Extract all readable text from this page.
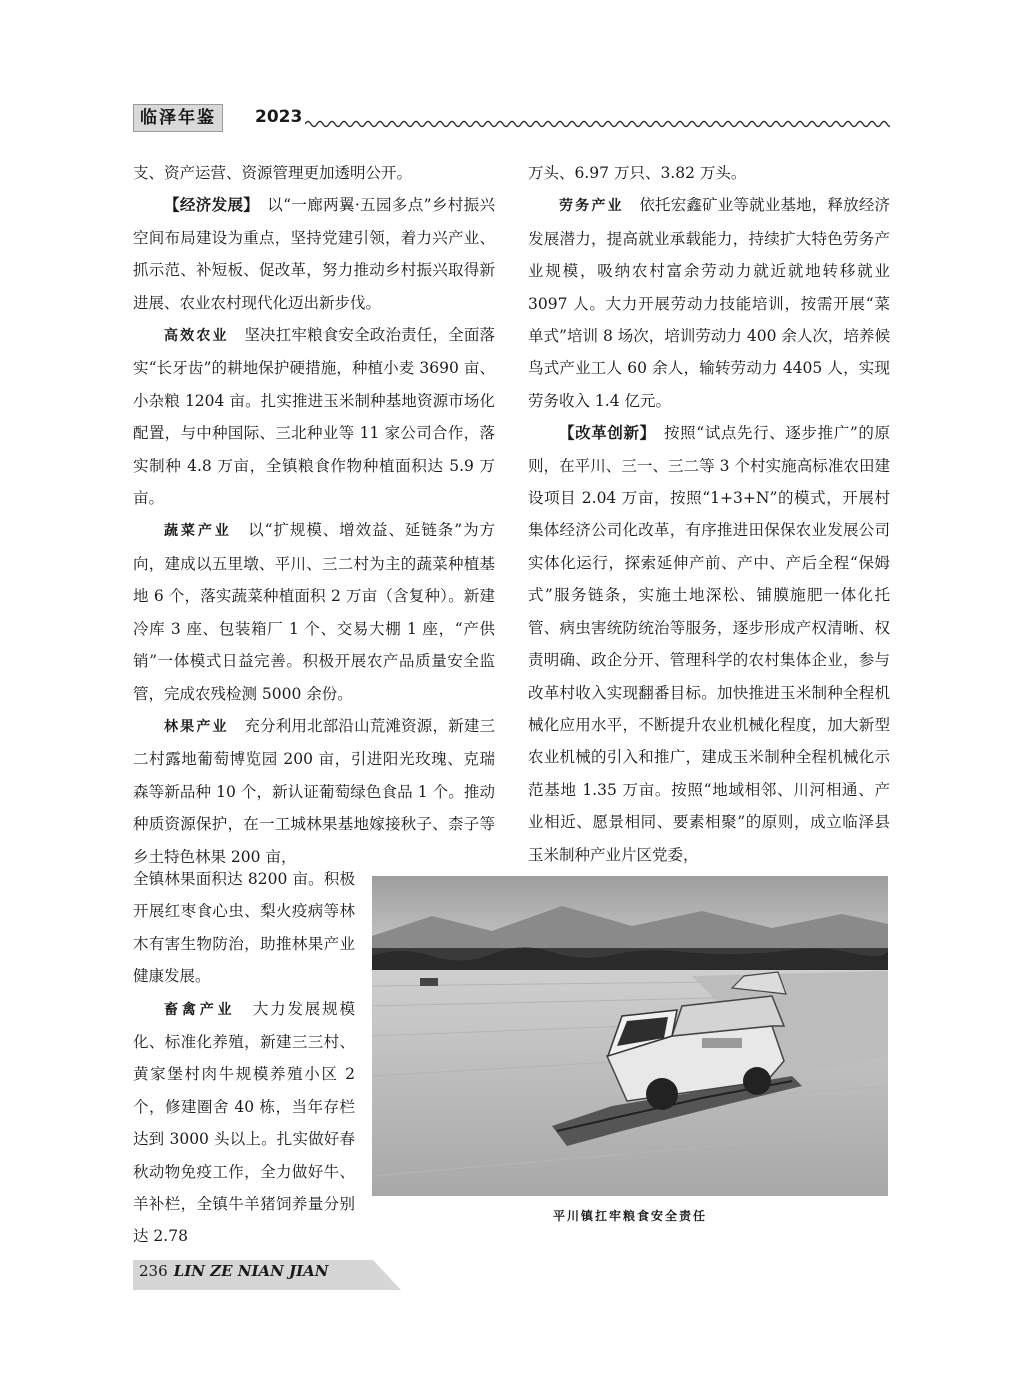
临泽年鉴	2023

支、资产运营、资源管理更加透明公开。

【经济发展】  以“一廊两翼·五园多点”乡村振兴空间布局建设为重点，坚持党建引领，着力兴产业、抓示范、补短板、促改革，努力推动乡村振兴取得新进展、农业农村现代化迈出新步伐。

高效农业   坚决扛牢粮食安全政治责任，全面落实“长牙齿”的耕地保护硬措施，种植小麦 3690 亩、小杂粮 1204 亩。扎实推进玉米制种基地资源市场化配置，与中种国际、三北种业等 11 家公司合作，落实制种 4.8 万亩，全镇粮食作物种植面积达 5.9 万亩。

蔬菜产业   以“扩规模、增效益、延链条”为方向，建成以五里墩、平川、三二村为主的蔬菜种植基地 6 个，落实蔬菜种植面积 2 万亩（含复种）。新建冷库 3 座、包装箱厂 1 个、交易大棚 1 座，“产供销”一体模式日益完善。积极开展农产品质量安全监管，完成农残检测 5000 余份。

林果产业   充分利用北部沿山荒滩资源，新建三二村露地葡萄博览园 200 亩，引进阳光玫瑰、克瑞森等新品种 10 个，新认证葡萄绿色食品 1 个。推动种质资源保护，在一工城林果基地嫁接秋子、柰子等乡土特色林果 200 亩，

全镇林果面积达 8200 亩。积极开展红枣食心虫、梨火疫病等林木有害生物防治，助推林果产业健康发展。

畜禽产业   大力发展规模化、标准化养殖，新建三三村、黄家堡村肉牛规模养殖小区 2 个，修建圈舍 40 栋，当年存栏达到 3000 头以上。扎实做好春秋动物免疫工作，全力做好牛、羊补栏，全镇牛羊猪饲养量分别达 2.78

万头、6.97 万只、3.82 万头。

劳务产业   依托宏鑫矿业等就业基地，释放经济发展潜力，提高就业承载能力，持续扩大特色劳务产业规模，吸纳农村富余劳动力就近就地转移就业 3097 人。大力开展劳动力技能培训，按需开展“菜单式”培训 8 场次，培训劳动力 400 余人次，培养候鸟式产业工人 60 余人，输转劳动力 4405 人，实现劳务收入 1.4 亿元。

【改革创新】  按照“试点先行、逐步推广”的原则，在平川、三一、三二等 3 个村实施高标准农田建设项目 2.04 万亩，按照“1+3+N”的模式，开展村集体经济公司化改革，有序推进田保保农业发展公司实体化运行，探索延伸产前、产中、产后全程“保姆式”服务链条，实施土地深松、铺膜施肥一体化托管、病虫害统防统治等服务，逐步形成产权清晰、权责明确、政企分开、管理科学的农村集体企业，参与改革村收入实现翻番目标。加快推进玉米制种全程机械化应用水平，不断提升农业机械化程度，加大新型农业机械的引入和推广，建成玉米制种全程机械化示范基地 1.35 万亩。按照“地域相邻、川河相通、产业相近、愿景相同、要素相聚”的原则，成立临泽县玉米制种产业片区党委，

平川镇扛牢粮食安全责任
236 LIN ZE NIAN JIAN
